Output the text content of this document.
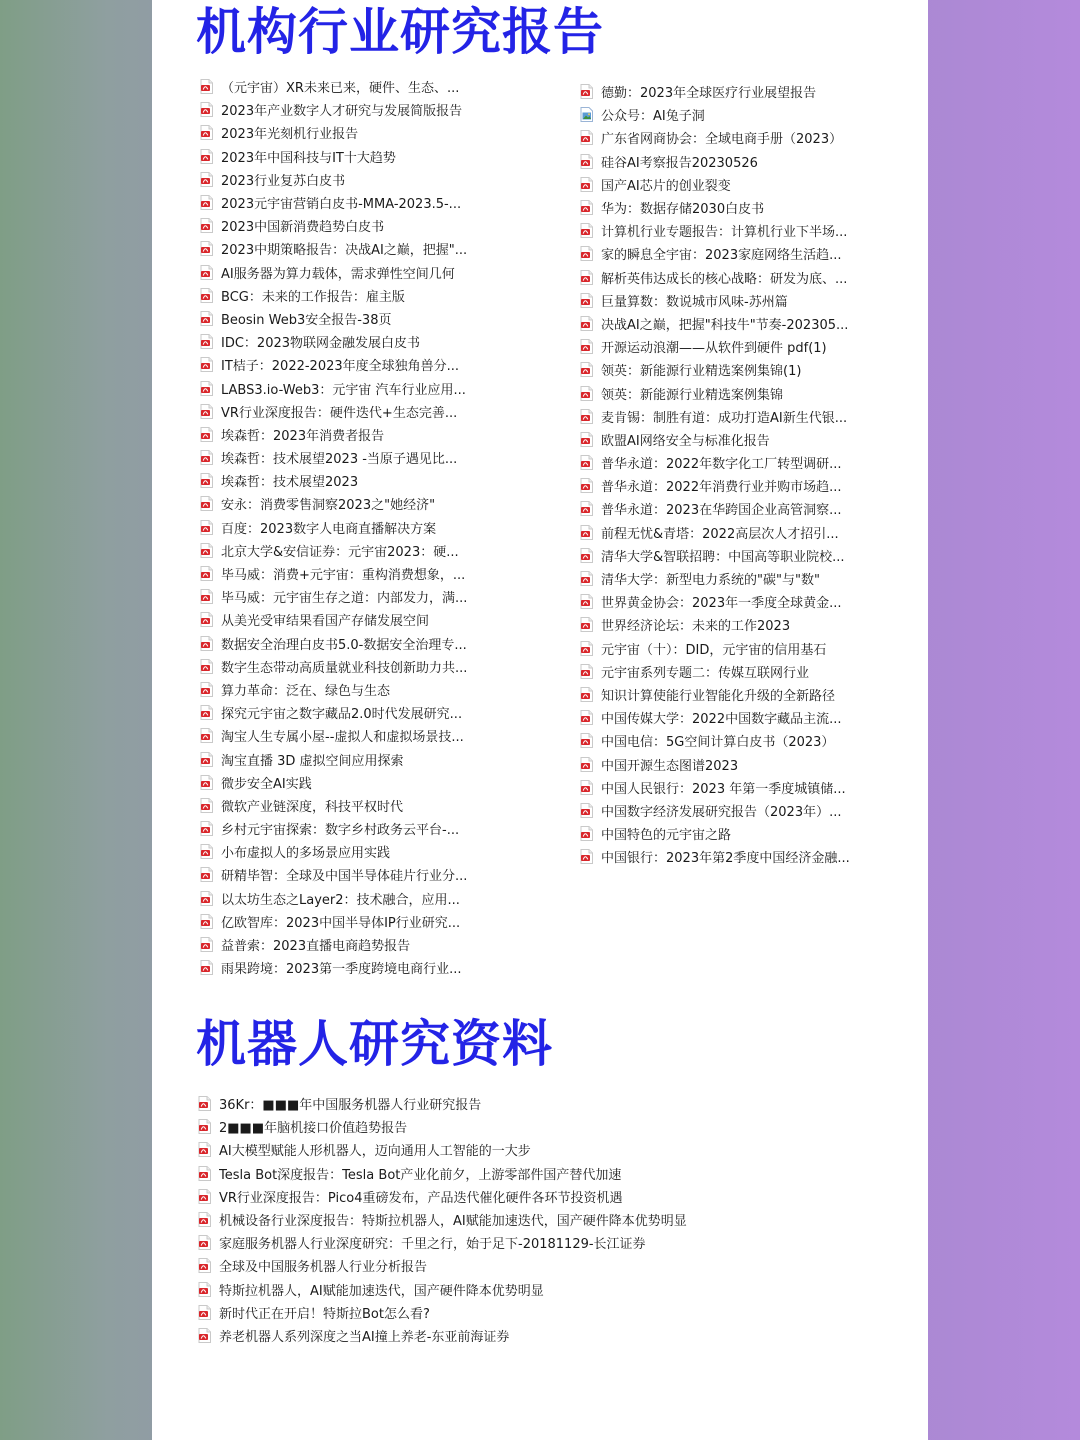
机构行业研究报告
（元宇宙）XR未来已来，硬件、生态、...
2023年产业数字人才研究与发展简版报告
2023年光刻机行业报告
2023年中国科技与IT十大趋势
2023行业复苏白皮书
2023元宇宙营销白皮书-MMA-2023.5-...
2023中国新消费趋势白皮书
2023中期策略报告：决战AI之巅，把握"...
AI服务器为算力载体，需求弹性空间几何
BCG：未来的工作报告：雇主版
Beosin Web3安全报告-38页
IDC：2023物联网金融发展白皮书
IT桔子：2022-2023年度全球独角兽分...
LABS3.io-Web3：元宇宙 汽车行业应用...
VR行业深度报告：硬件迭代+生态完善...
埃森哲：2023年消费者报告
埃森哲：技术展望2023 -当原子遇见比...
埃森哲：技术展望2023
安永：消费零售洞察2023之"她经济"
百度：2023数字人电商直播解决方案
北京大学&安信证券：元宇宙2023：硬...
毕马威：消费+元宇宙：重构消费想象，...
毕马威：元宇宙生存之道：内部发力，满...
从美光受审结果看国产存储发展空间
数据安全治理白皮书5.0-数据安全治理专...
数字生态带动高质量就业科技创新助力共...
算力革命：泛在、绿色与生态
探究元宇宙之数字藏品2.0时代发展研究...
淘宝人生专属小屋--虚拟人和虚拟场景技...
淘宝直播 3D 虚拟空间应用探索
微步安全AI实践
微软产业链深度，科技平权时代
乡村元宇宙探索：数字乡村政务云平台-...
小布虚拟人的多场景应用实践
研精毕智：全球及中国半导体硅片行业分...
以太坊生态之Layer2：技术融合，应用...
亿欧智库：2023中国半导体IP行业研究...
益普索：2023直播电商趋势报告
雨果跨境：2023第一季度跨境电商行业...
德勤：2023年全球医疗行业展望报告
公众号：AI兔子洞
广东省网商协会：全域电商手册（2023）
硅谷AI考察报告20230526
国产AI芯片的创业裂变
华为：数据存储2030白皮书
计算机行业专题报告：计算机行业下半场...
家的瞬息全宇宙：2023家庭网络生活趋...
解析英伟达成长的核心战略：研发为底、...
巨量算数：数说城市风味-苏州篇
决战AI之巅，把握"科技牛"节奏-202305...
开源运动浪潮——从软件到硬件 pdf(1)
领英：新能源行业精选案例集锦(1)
领英：新能源行业精选案例集锦
麦肯锡：制胜有道：成功打造AI新生代银...
欧盟AI网络安全与标准化报告
普华永道：2022年数字化工厂转型调研...
普华永道：2022年消费行业并购市场趋...
普华永道：2023在华跨国企业高管洞察...
前程无忧&青塔：2022高层次人才招引...
清华大学&智联招聘：中国高等职业院校...
清华大学：新型电力系统的"碳"与"数"
世界黄金协会：2023年一季度全球黄金...
世界经济论坛：未来的工作2023
元宇宙（十）：DID，元宇宙的信用基石
元宇宙系列专题二：传媒互联网行业
知识计算使能行业智能化升级的全新路径
中国传媒大学：2022中国数字藏品主流...
中国电信：5G空间计算白皮书（2023）
中国开源生态图谱2023
中国人民银行：2023 年第一季度城镇储...
中国数字经济发展研究报告（2023年）...
中国特色的元宇宙之路
中国银行：2023年第2季度中国经济金融...
机器人研究资料
36Kr：■■■年中国服务机器人行业研究报告
2■■■年脑机接口价值趋势报告
AI大模型赋能人形机器人，迈向通用人工智能的一大步
Tesla Bot深度报告：Tesla Bot产业化前夕，上游零部件国产替代加速
VR行业深度报告：Pico4重磅发布，产品迭代催化硬件各环节投资机遇
机械设备行业深度报告：特斯拉机器人，AI赋能加速迭代，国产硬件降本优势明显
家庭服务机器人行业深度研究：千里之行，始于足下-20181129-长江证券
全球及中国服务机器人行业分析报告
特斯拉机器人，AI赋能加速迭代，国产硬件降本优势明显
新时代正在开启！特斯拉Bot怎么看?
养老机器人系列深度之当AI撞上养老-东亚前海证券
